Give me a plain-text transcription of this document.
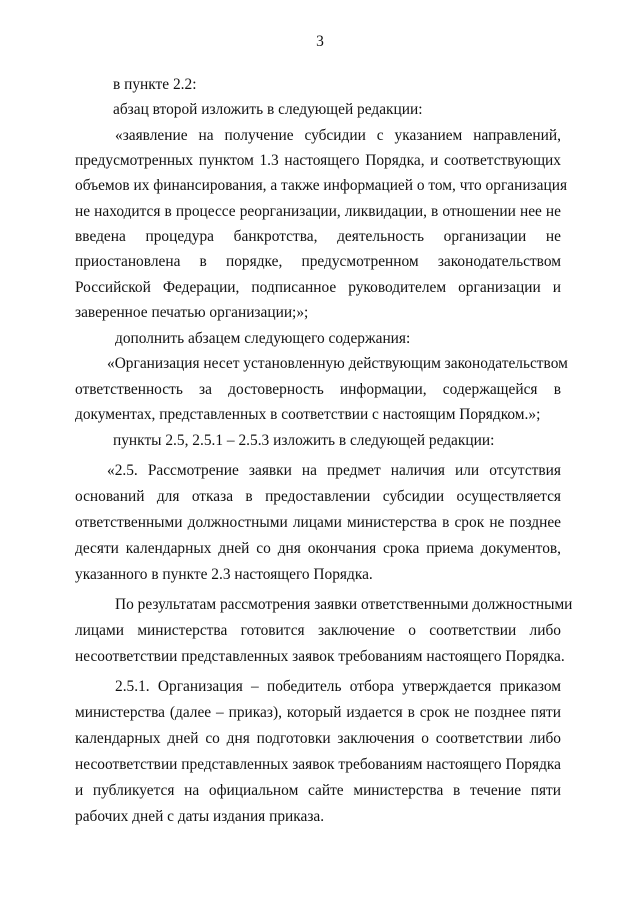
3
в пункте 2.2:
абзац второй изложить в следующей редакции:
«заявление на получение субсидии с указанием направлений,
предусмотренных пунктом 1.3 настоящего Порядка, и соответствующих
объемов их финансирования, а также информацией о том, что организация
не находится в процессе реорганизации, ликвидации, в отношении нее не
введена процедура банкротства, деятельность организации не
приостановлена в порядке, предусмотренном законодательством
Российской Федерации, подписанное руководителем организации и
заверенное печатью организации;»;
дополнить абзацем следующего содержания:
«Организация несет установленную действующим законодательством
ответственность за достоверность информации, содержащейся в
документах, представленных в соответствии с настоящим Порядком.»;
пункты 2.5, 2.5.1 – 2.5.3 изложить в следующей редакции:
«2.5. Рассмотрение заявки на предмет наличия или отсутствия
оснований для отказа в предоставлении субсидии осуществляется
ответственными должностными лицами министерства в срок не позднее
десяти календарных дней со дня окончания срока приема документов,
указанного в пункте 2.3 настоящего Порядка.
По результатам рассмотрения заявки ответственными должностными
лицами министерства готовится заключение о соответствии либо
несоответствии представленных заявок требованиям настоящего Порядка.
2.5.1. Организация – победитель отбора утверждается приказом
министерства (далее – приказ), который издается в срок не позднее пяти
календарных дней со дня подготовки заключения о соответствии либо
несоответствии представленных заявок требованиям настоящего Порядка
и публикуется на официальном сайте министерства в течение пяти
рабочих дней с даты издания приказа.
